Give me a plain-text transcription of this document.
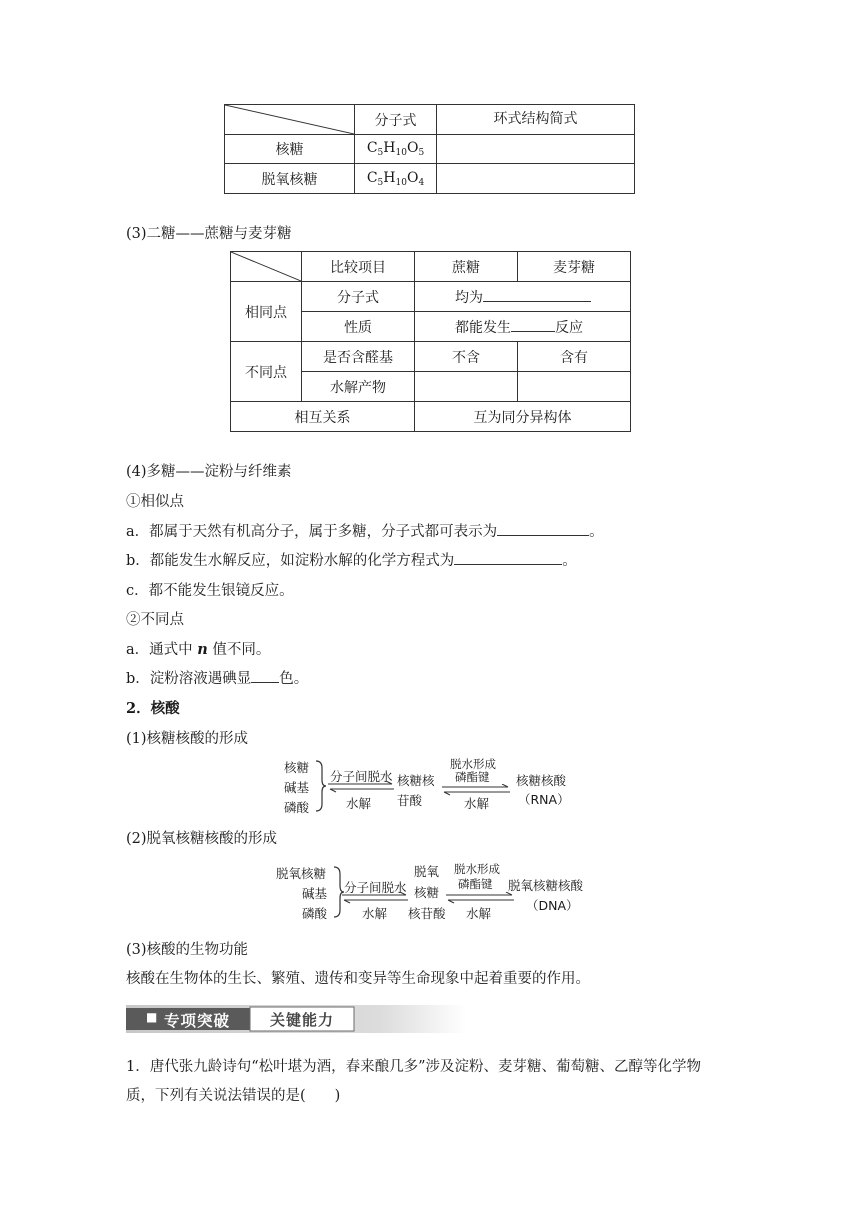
	分子式	环式结构简式
核糖	$C_5H_{10}O_5$	
脱氧核糖	$C_5H_{10}O_4$	
(3)二糖——蔗糖与麦芽糖
	比较项目	蔗糖	麦芽糖
相同点	分子式	均为	
	性质	都能发生 反应	
不同点	是否含醛基	不含	含有
	水解产物		
相互关系		互为同分异构体	
(4)多糖——淀粉与纤维素
①相似点
a．都属于天然有机高分子，属于多糖，分子式都可表示为	。
b．都能发生水解反应，如淀粉水解的化学方程式为	。
c．都不能发生银镜反应。
②不同点
a．通式中 n 值不同。
b．淀粉溶液遇碘显 色。
2．核酸
(1)核糖核酸的形成
核糖
碱基
磷酸
分子间脱水
水解
核糖核
苷酸
脱水形成
磷酯键
水解
核糖核酸
（RNA）
(2)脱氧核糖核酸的形成
脱氧核糖
碱基
磷酸
分子间脱水
水解
脱氧
核糖
核苷酸
脱水形成
磷酯键
水解
脱氧核糖核酸
（DNA）
(3)核酸的生物功能
核酸在生物体的生长、繁殖、遗传和变异等生命现象中起着重要的作用。
■ 专项突破	关键能力
1．唐代张九龄诗句“松叶堪为酒，春来酿几多”涉及淀粉、麦芽糖、葡萄糖、乙醇等化学物
质，下列有关说法错误的是(　　)
